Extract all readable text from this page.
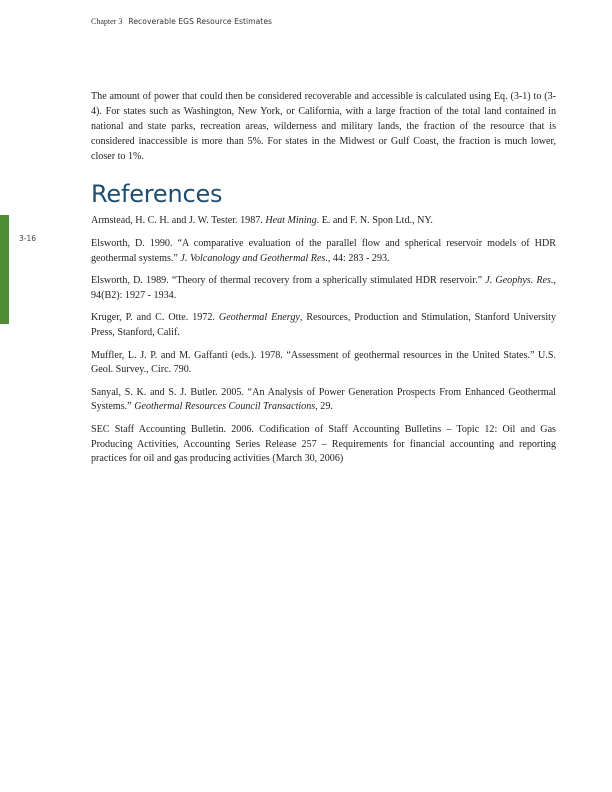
Chapter 3 Recoverable EGS Resource Estimates
3-16

The amount of power that could then be considered recoverable and accessible is calculated using Eq. (3-1) to (3-4). For states such as Washington, New York, or California, with a large fraction of the total land contained in national and state parks, recreation areas, wilderness and military lands, the fraction of the resource that is considered inaccessible is more than 5%. For states in the Midwest or Gulf Coast, the fraction is much lower, closer to 1%.

References

Armstead, H. C. H. and J. W. Tester. 1987. Heat Mining. E. and F. N. Spon Ltd., NY.

Elsworth, D. 1990. “A comparative evaluation of the parallel flow and spherical reservoir models of HDR geothermal systems.” J. Volcanology and Geothermal Res., 44: 283 - 293.

Elsworth, D. 1989. “Theory of thermal recovery from a spherically stimulated HDR reservoir.” J. Geophys. Res., 94(B2): 1927 - 1934.

Kruger, P. and C. Otte. 1972. Geothermal Energy, Resources, Production and Stimulation, Stanford University Press, Stanford, Calif.

Muffler, L. J. P. and M. Gaffanti (eds.). 1978. “Assessment of geothermal resources in the United States.” U.S. Geol. Survey., Circ. 790.

Sanyal, S. K. and S. J. Butler. 2005. “An Analysis of Power Generation Prospects From Enhanced Geothermal Systems.” Geothermal Resources Council Transactions, 29.

SEC Staff Accounting Bulletin. 2006. Codification of Staff Accounting Bulletins – Topic 12: Oil and Gas Producing Activities, Accounting Series Release 257 – Requirements for financial accounting and reporting practices for oil and gas producing activities (March 30, 2006)
